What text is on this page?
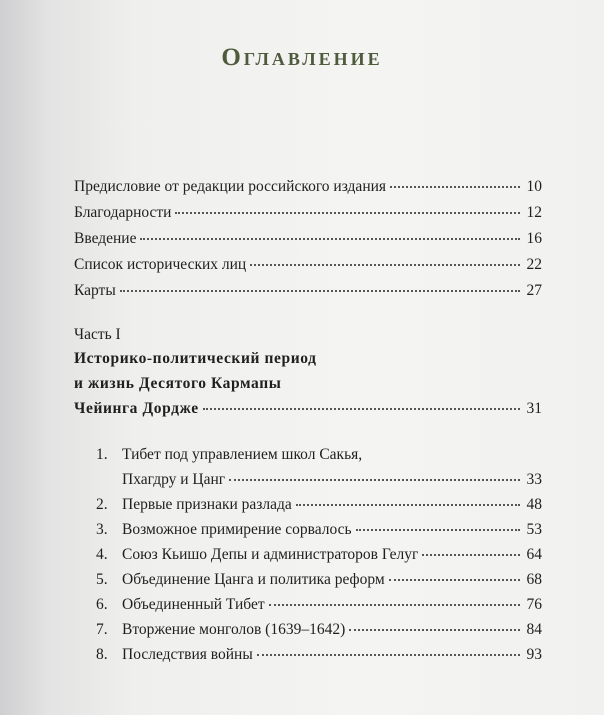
Оглавление
Предисловие от редакции российского издания	10
Благодарности	12
Введение	16
Список исторических лиц	22
Карты	27
Часть I
Историко-политический период
и жизнь Десятого Кармапы
Чейинга Дордже	31
1. Тибет под управлением школ Сакья,
Пхагдру и Цанг	33
2. Первые признаки разлада	48
3. Возможное примирение сорвалось	53
4. Союз Кьишо Депы и администраторов Гелуг	64
5. Объединение Цанга и политика реформ	68
6. Объединенный Тибет	76
7. Вторжение монголов (1639–1642)	84
8. Последствия войны	93
